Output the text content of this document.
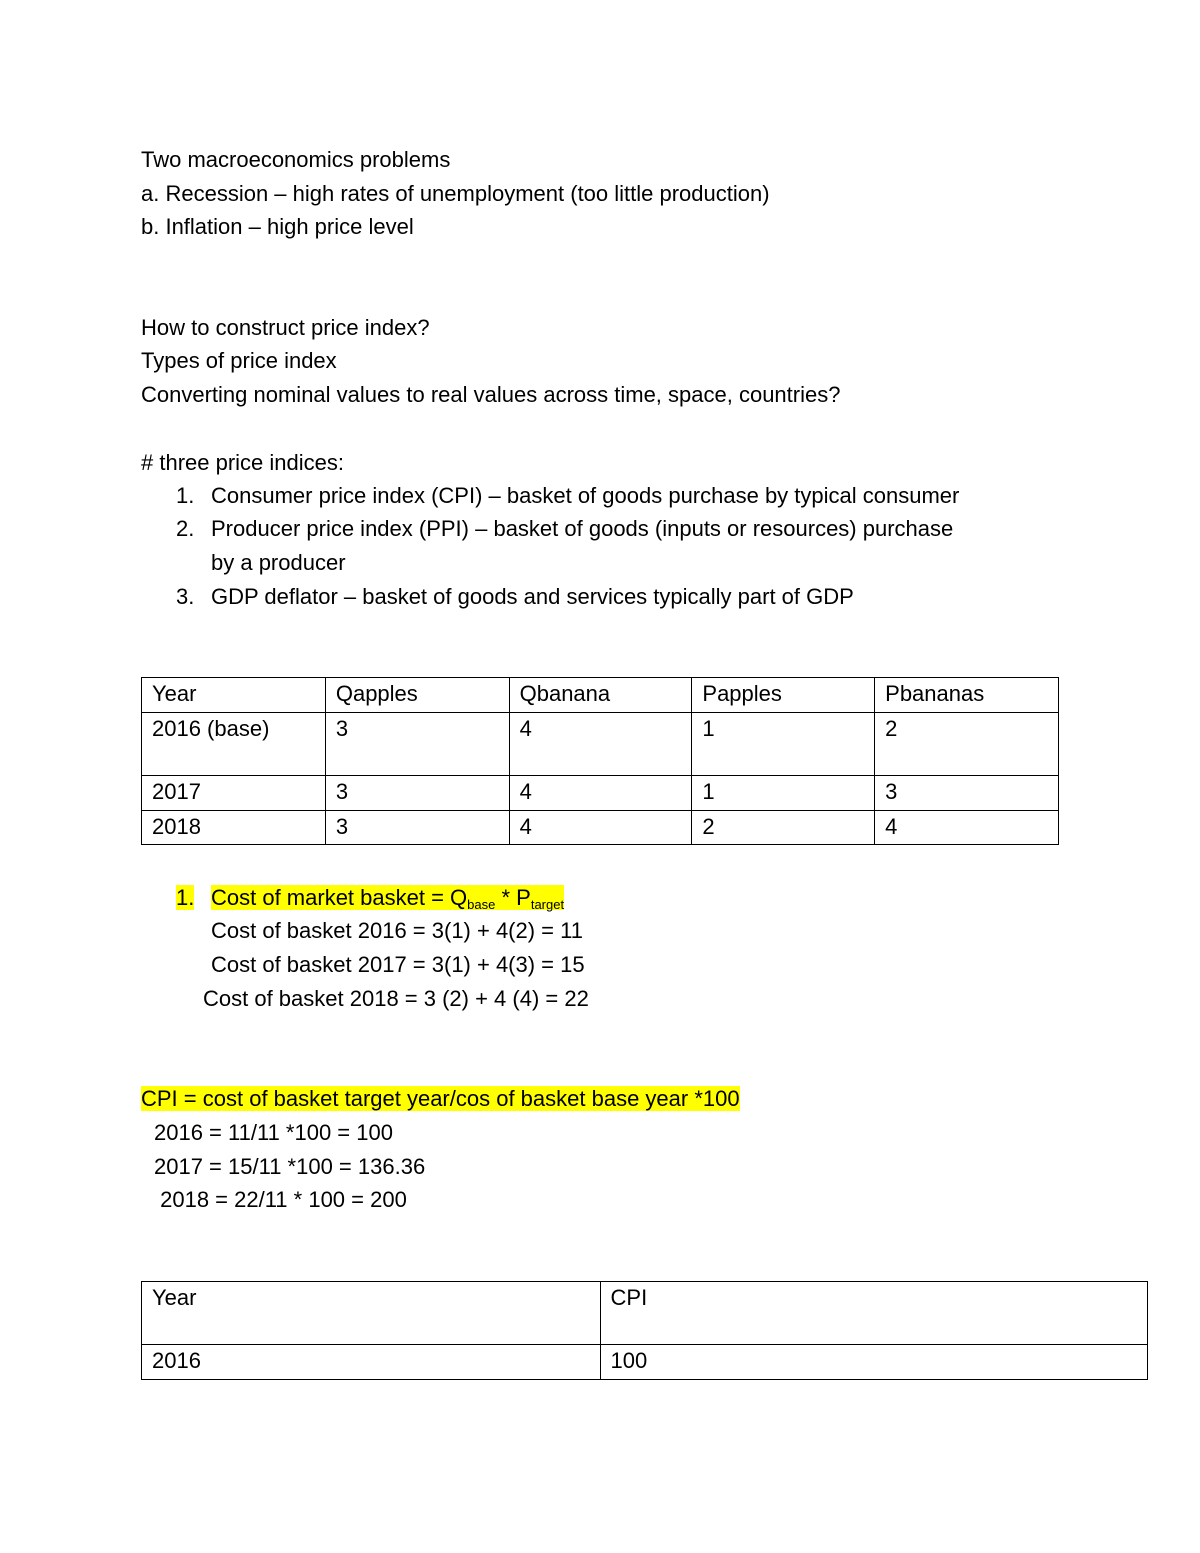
Two macroeconomics problems
a. Recession – high rates of unemployment (too little production)
b. Inflation – high price level
How to construct price index?
Types of price index
Converting nominal values to real values across time, space, countries?
# three price indices:
1. Consumer price index (CPI) – basket of goods purchase by typical consumer
2. Producer price index (PPI) – basket of goods (inputs or resources) purchase
by a producer
3. GDP deflator – basket of goods and services typically part of GDP
Year	Qapples	Qbanana	Papples	Pbananas
2016 (base)	3	4	1	2
2017	3	4	1	3
2018	3	4	2	4
1. Cost of market basket = $Q_{base} * P_{target}$
Cost of basket 2016 = 3(1) + 4(2) = 11
Cost of basket 2017 = 3(1) + 4(3) = 15
Cost of basket 2018 = 3 (2) + 4 (4) = 22
CPI = cost of basket target year/cos of basket base year *100
2016 = 11/11 *100 = 100
2017 = 15/11 *100 = 136.36
2018 = 22/11 * 100 = 200
Year	CPI
2016	100
